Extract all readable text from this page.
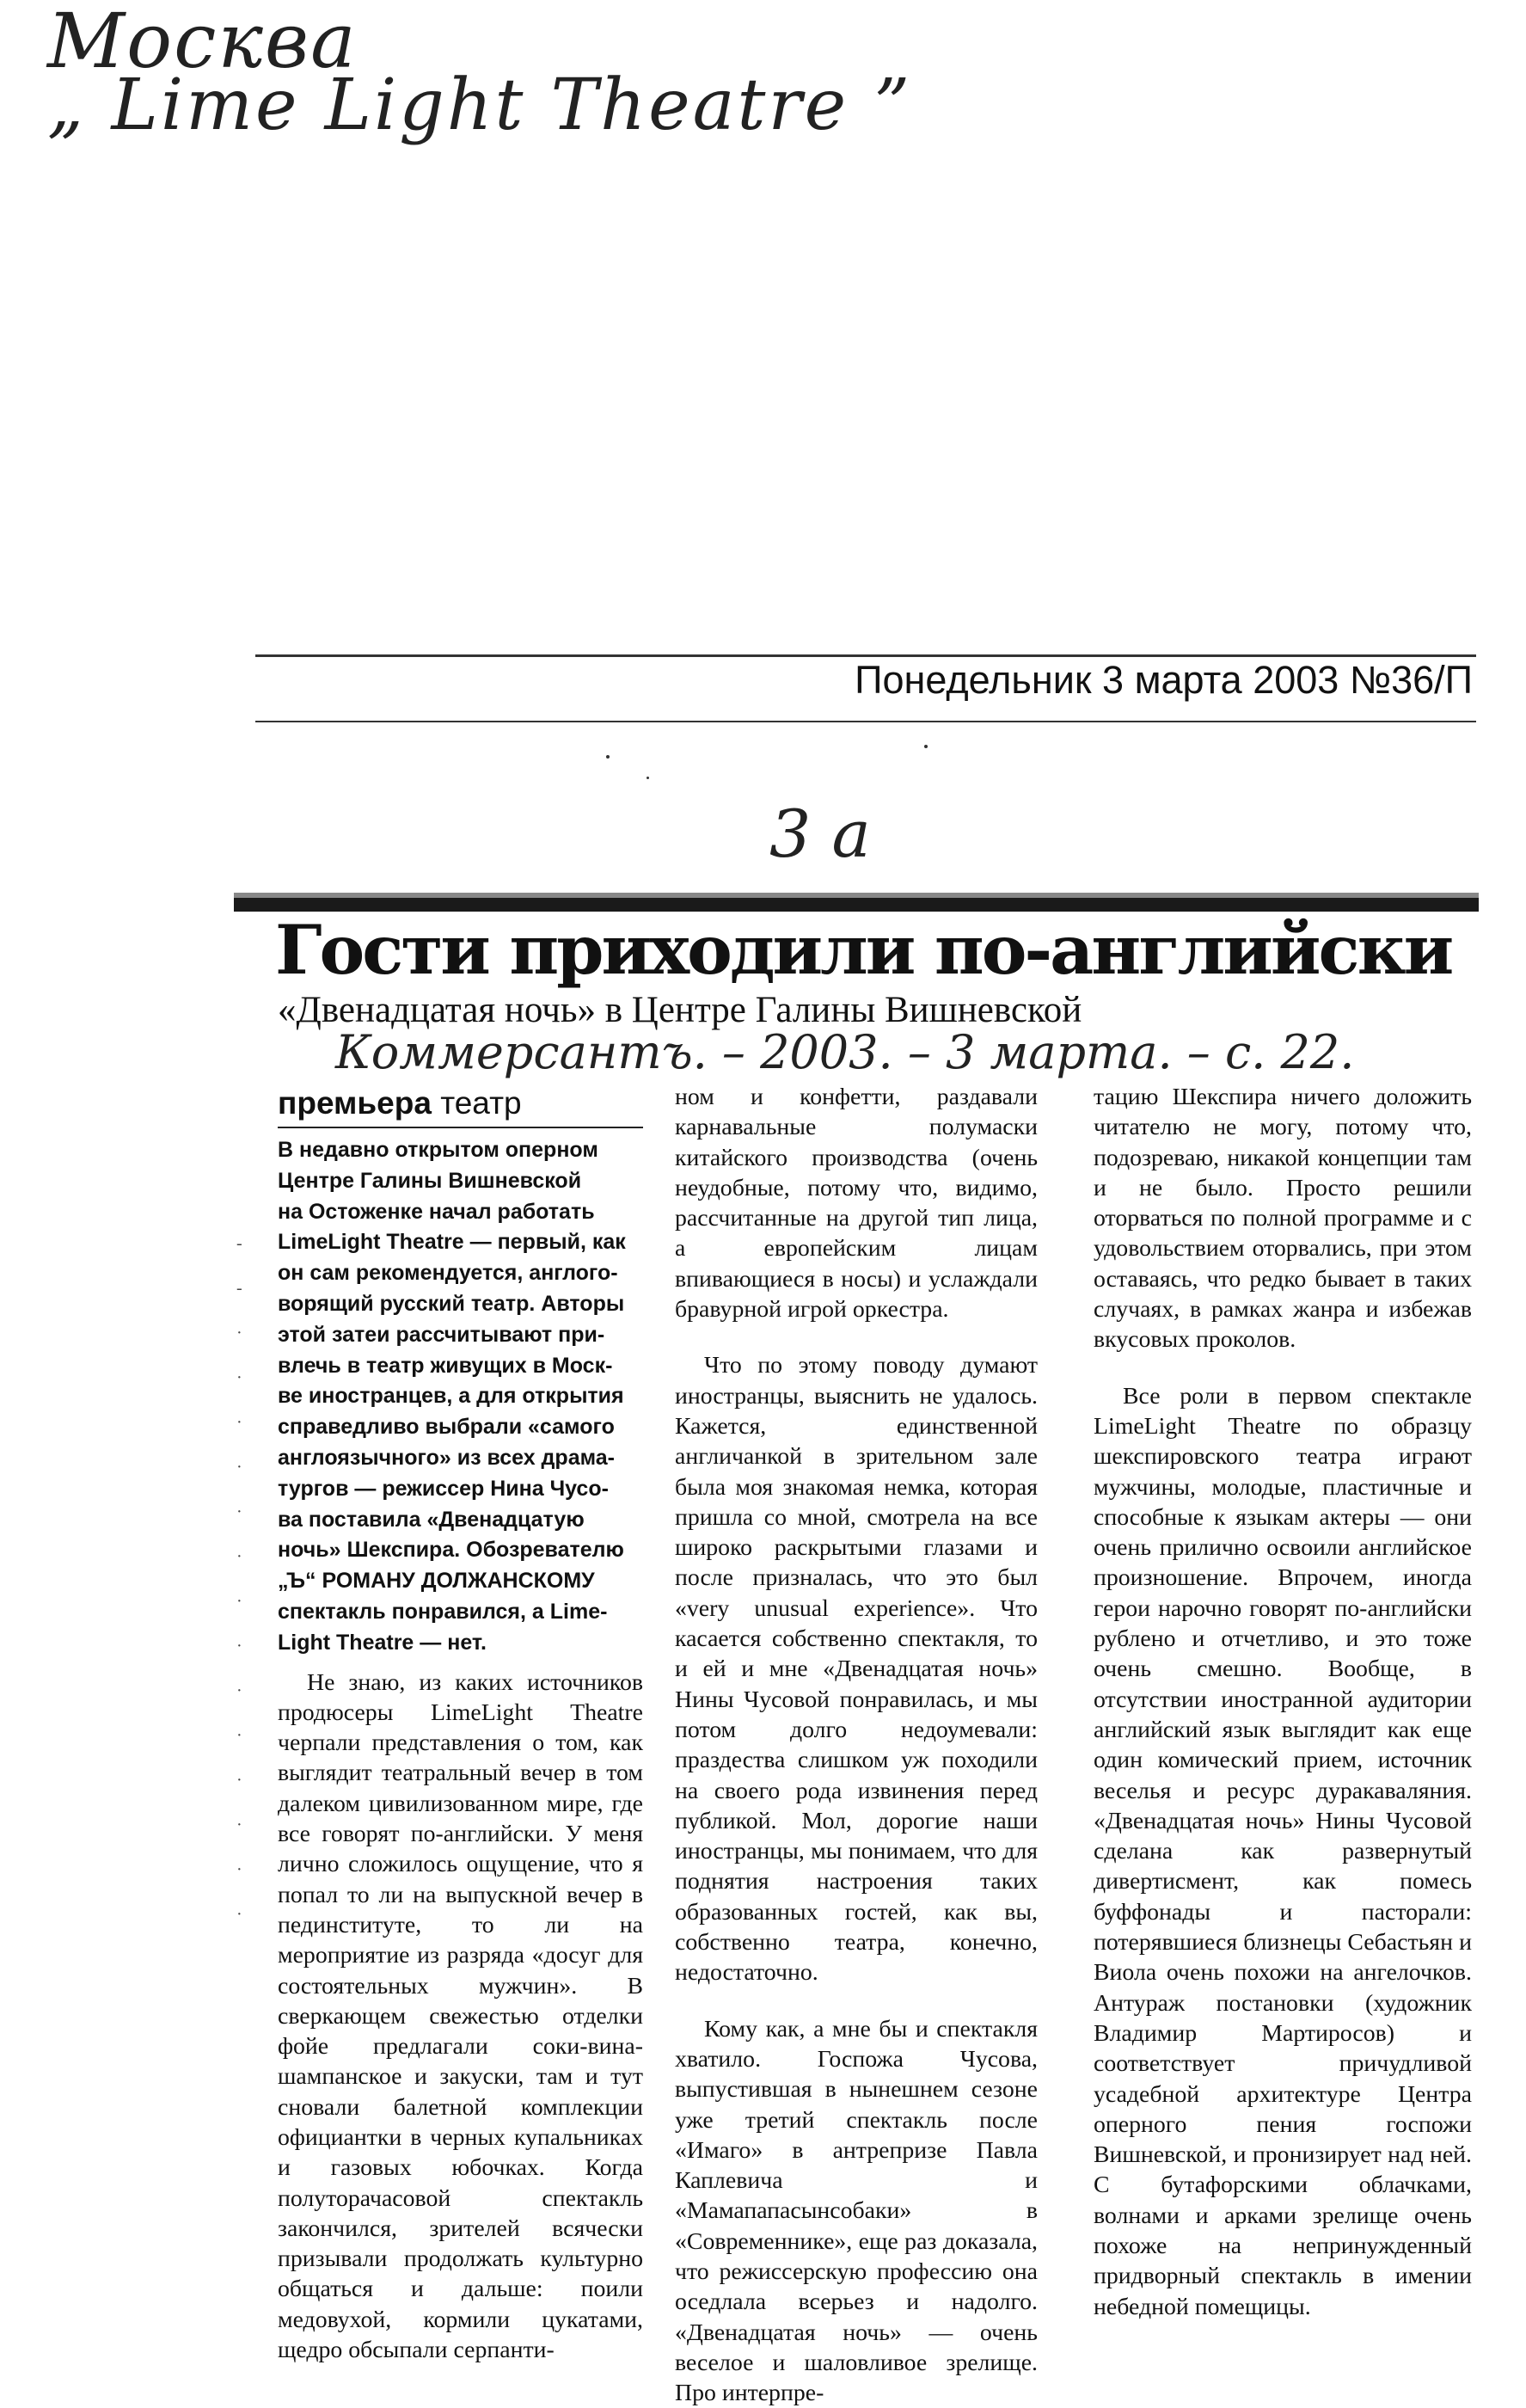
Москва
„ Lime Light Theatre ”
Понедельник 3 марта 2003 №36/П
3 а
Гости приходили по-английски
«Двенадцатая ночь» в Центре Галины Вишневской
Коммерсантъ. – 2003. – 3 марта. – с. 22.
премьера театр
-
-
·
·
·
·
·
·
·
·
·
·
·
·
·
·
В недавно открытом оперном
Центре Галины Вишневской
на Остоженке начал работать
LimeLight Theatre — первый, как
он сам рекомендуется, англого-
ворящий русский театр. Авторы
этой затеи рассчитывают при-
влечь в театр живущих в Моск-
ве иностранцев, а для открытия
справедливо выбрали «самого
англоязычного» из всех драма-
тургов — режиссер Нина Чусо-
ва поставила «Двенадцатую
ночь» Шекспира. Обозревателю
„Ъ“ РОМАНУ ДОЛЖАНСКОМУ
спектакль понравился, а Lime-
Light Theatre — нет.

Не знаю, из каких источников продюсеры LimeLight Theatre черпали представления о том, как выглядит театральный вечер в том далеком цивилизованном мире, где все говорят по-английски. У меня лично сложилось ощущение, что я попал то ли на выпускной вечер в пединституте, то ли на мероприятие из разряда «досуг для состоятельных мужчин». В сверкающем свежестью отделки фойе предлагали соки-вина-шампанское и закуски, там и тут сновали балетной комплекции официантки в черных купальниках и газовых юбочках. Когда полуторачасовой спектакль закончился, зрителей всячески призывали продолжать культурно общаться и дальше: поили медовухой, кормили цукатами, щедро обсыпали серпанти-

ном и конфетти, раздавали карнавальные полумаски китайского производства (очень неудобные, потому что, видимо, рассчитанные на другой тип лица, а европейским лицам впивающиеся в носы) и услаждали бравурной игрой оркестра.

Что по этому поводу думают иностранцы, выяснить не удалось. Кажется, единственной англичанкой в зрительном зале была моя знакомая немка, которая пришла со мной, смотрела на все широко раскрытыми глазами и после призналась, что это был «very unusual experience». Что касается собственно спектакля, то и ей и мне «Двенадцатая ночь» Нины Чусовой понравилась, и мы потом долго недоумевали: праздества слишком уж походили на своего рода извинения перед публикой. Мол, дорогие наши иностранцы, мы понимаем, что для поднятия настроения таких образованных гостей, как вы, собственно театра, конечно, недостаточно.

Кому как, а мне бы и спектакля хватило. Госпожа Чусова, выпустившая в нынешнем сезоне уже третий спектакль после «Имаго» в антрепризе Павла Каплевича и «Мамапапасынсобаки» в «Современнике», еще раз доказала, что режиссерскую профессию она оседлала всерьез и надолго. «Двенадцатая ночь» — очень веселое и шаловливое зрелище. Про интерпре-

тацию Шекспира ничего доложить читателю не могу, потому что, подозреваю, никакой концепции там и не было. Просто решили оторваться по полной программе и с удовольствием оторвались, при этом оставаясь, что редко бывает в таких случаях, в рамках жанра и избежав вкусовых проколов.

Все роли в первом спектакле LimeLight Theatre по образцу шекспировского театра играют мужчины, молодые, пластичные и способные к языкам актеры — они очень прилично освоили английское произношение. Впрочем, иногда герои нарочно говорят по-английски рублено и отчетливо, и это тоже очень смешно. Вообще, в отсутствии иностранной аудитории английский язык выглядит как еще один комический прием, источник веселья и ресурс дуракаваляния. «Двенадцатая ночь» Нины Чусовой сделана как развернутый дивертисмент, как помесь буффонады и пасторали: потерявшиеся близнецы Себастьян и Виола очень похожи на ангелочков. Антураж постановки (художник Владимир Мартиросов) и соответствует причудливой усадебной архитектуре Центра оперного пения госпожи Вишневской, и пронизирует над ней. С бутафорскими облачками, волнами и арками зрелище очень похоже на непринужденный придворный спектакль в имении небедной помещицы.
